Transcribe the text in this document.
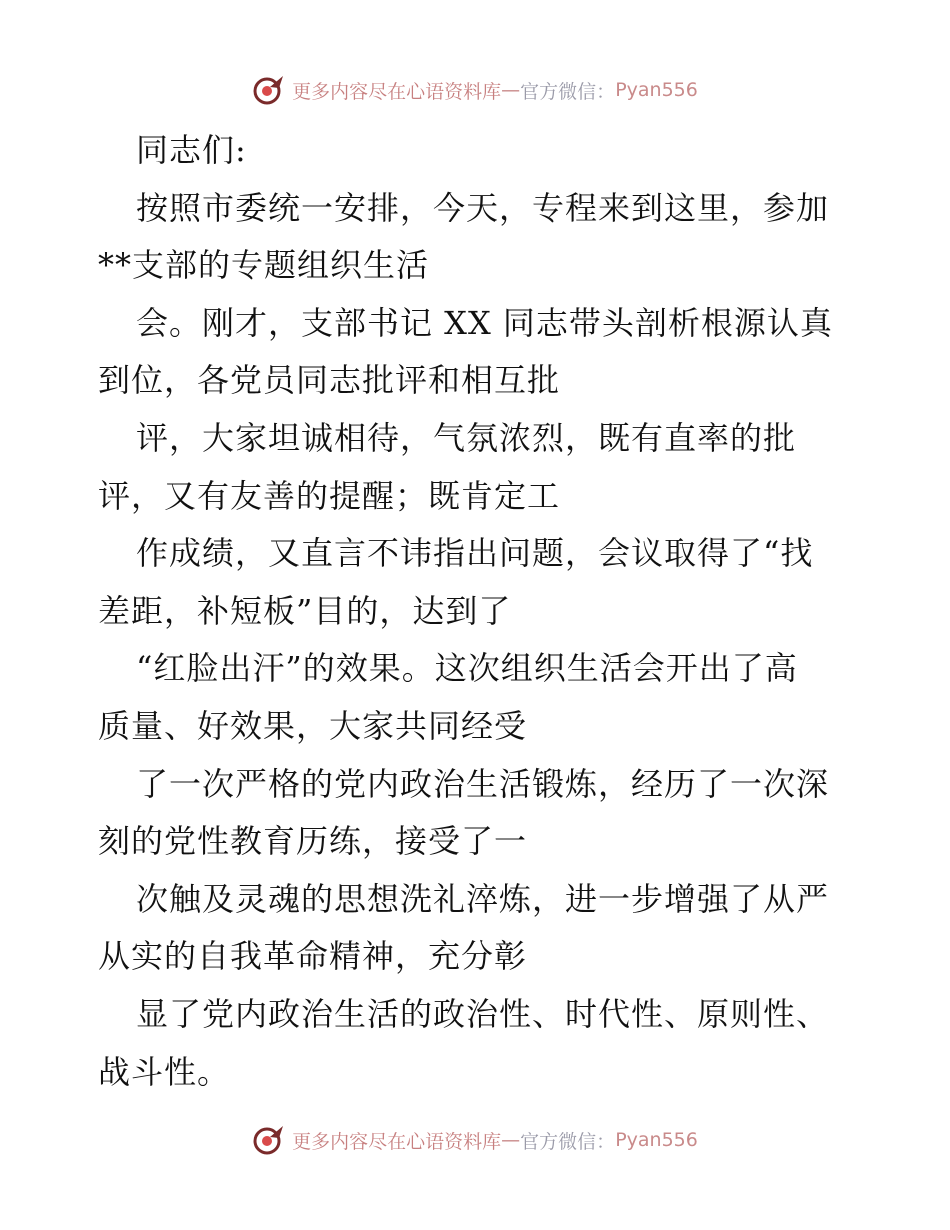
更多内容尽在心语资料库 — 官方微信： Pyan556
同志们:
按照市委统一安排，今天，专程来到这里，参加
**支部的专题组织生活
会。刚才，支部书记 XX 同志带头剖析根源认真
到位，各党员同志批评和相互批
评，大家坦诚相待，气氛浓烈，既有直率的批
评，又有友善的提醒；既肯定工
作成绩，又直言不讳指出问题，会议取得了“找
差距，补短板”目的，达到了
“红脸出汗”的效果。这次组织生活会开出了高
质量、好效果，大家共同经受
了一次严格的党内政治生活锻炼，经历了一次深
刻的党性教育历练，接受了一
次触及灵魂的思想洗礼淬炼，进一步增强了从严
从实的自我革命精神，充分彰
显了党内政治生活的政治性、时代性、原则性、
战斗性。
更多内容尽在心语资料库 — 官方微信： Pyan556
